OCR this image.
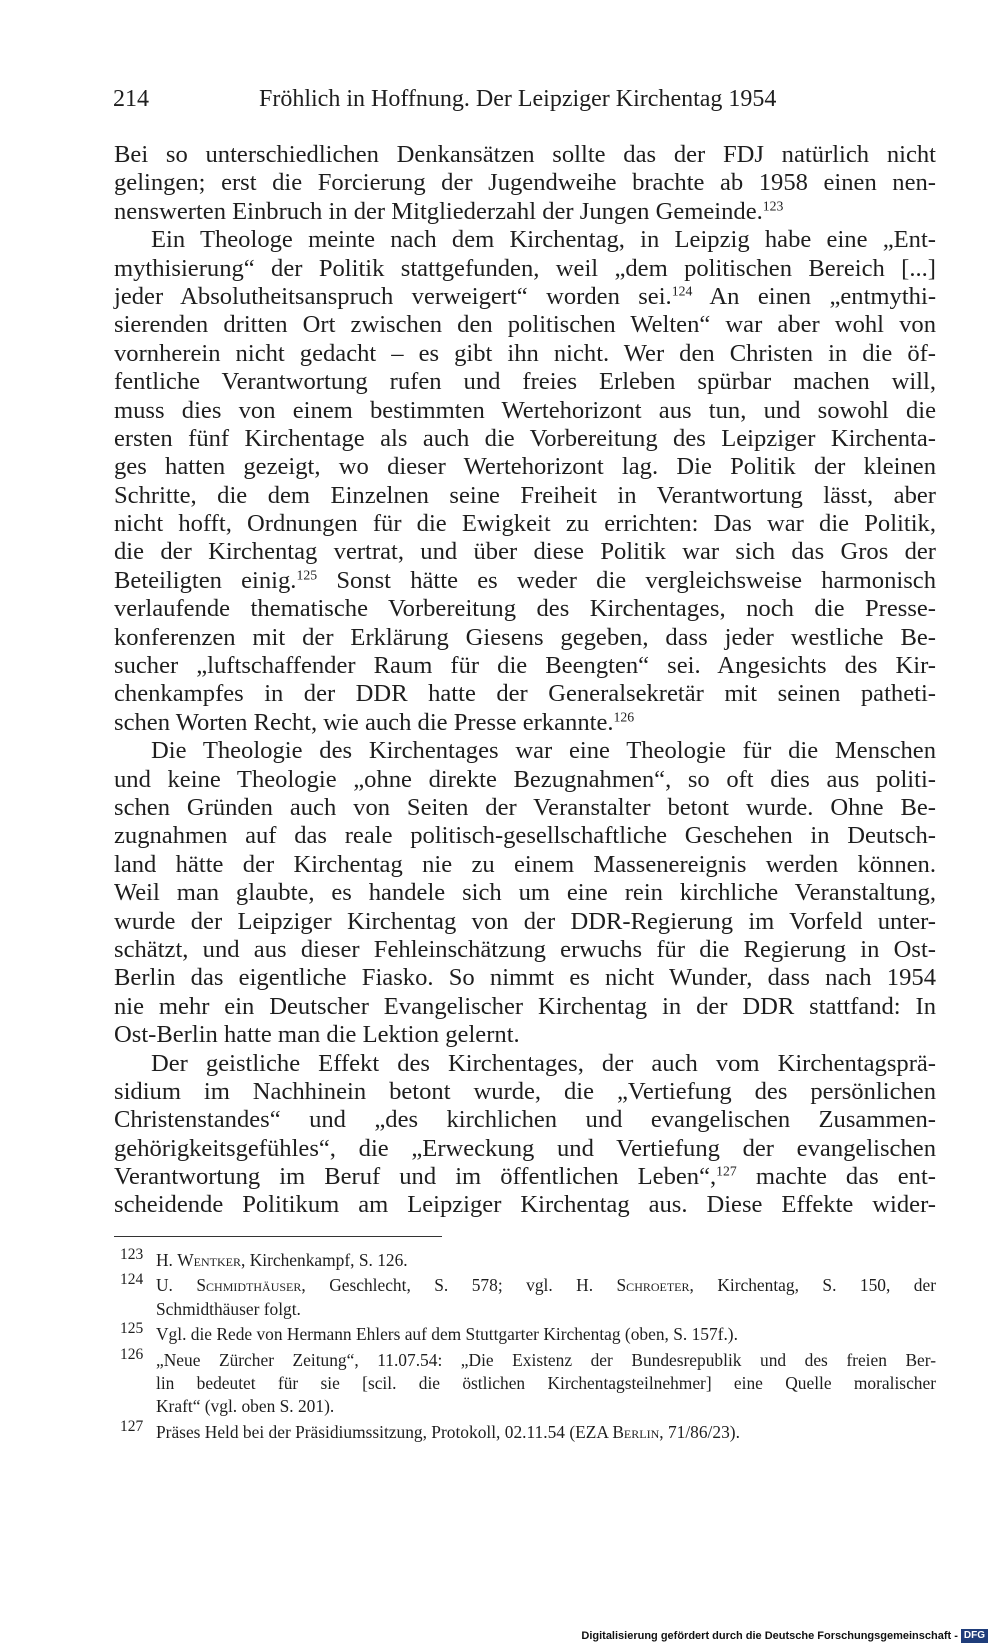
214	Fröhlich in Hoffnung. Der Leipziger Kirchentag 1954
Bei so unterschiedlichen Denkansätzen sollte das der FDJ natürlich nicht
gelingen; erst die Forcierung der Jugendweihe brachte ab 1958 einen nen-
nenswerten Einbruch in der Mitgliederzahl der Jungen Gemeinde.$^{123}$
Ein Theologe meinte nach dem Kirchentag, in Leipzig habe eine „Ent-
mythisierung“ der Politik stattgefunden, weil „dem politischen Bereich [...]
jeder Absolutheitsanspruch verweigert“ worden sei.$^{124}$ An einen „entmythi-
sierenden dritten Ort zwischen den politischen Welten“ war aber wohl von
vornherein nicht gedacht – es gibt ihn nicht. Wer den Christen in die öf-
fentliche Verantwortung rufen und freies Erleben spürbar machen will,
muss dies von einem bestimmten Wertehorizont aus tun, und sowohl die
ersten fünf Kirchentage als auch die Vorbereitung des Leipziger Kirchenta-
ges hatten gezeigt, wo dieser Wertehorizont lag. Die Politik der kleinen
Schritte, die dem Einzelnen seine Freiheit in Verantwortung lässt, aber
nicht hofft, Ordnungen für die Ewigkeit zu errichten: Das war die Politik,
die der Kirchentag vertrat, und über diese Politik war sich das Gros der
Beteiligten einig.$^{125}$ Sonst hätte es weder die vergleichsweise harmonisch
verlaufende thematische Vorbereitung des Kirchentages, noch die Presse-
konferenzen mit der Erklärung Giesens gegeben, dass jeder westliche Be-
sucher „luftschaffender Raum für die Beengten“ sei. Angesichts des Kir-
chenkampfes in der DDR hatte der Generalsekretär mit seinen patheti-
schen Worten Recht, wie auch die Presse erkannte.$^{126}$
Die Theologie des Kirchentages war eine Theologie für die Menschen
und keine Theologie „ohne direkte Bezugnahmen“, so oft dies aus politi-
schen Gründen auch von Seiten der Veranstalter betont wurde. Ohne Be-
zugnahmen auf das reale politisch-gesellschaftliche Geschehen in Deutsch-
land hätte der Kirchentag nie zu einem Massenereignis werden können.
Weil man glaubte, es handele sich um eine rein kirchliche Veranstaltung,
wurde der Leipziger Kirchentag von der DDR-Regierung im Vorfeld unter-
schätzt, und aus dieser Fehleinschätzung erwuchs für die Regierung in Ost-
Berlin das eigentliche Fiasko. So nimmt es nicht Wunder, dass nach 1954
nie mehr ein Deutscher Evangelischer Kirchentag in der DDR stattfand: In
Ost-Berlin hatte man die Lektion gelernt.
Der geistliche Effekt des Kirchentages, der auch vom Kirchentagsprä-
sidium im Nachhinein betont wurde, die „Vertiefung des persönlichen
Christenstandes“ und „des kirchlichen und evangelischen Zusammen-
gehörigkeitsgefühles“, die „Erweckung und Vertiefung der evangelischen
Verantwortung im Beruf und im öffentlichen Leben“,$^{127}$ machte das ent-
scheidende Politikum am Leipziger Kirchentag aus. Diese Effekte wider-
123 H. Wentker, Kirchenkampf, S. 126.
124 U. Schmidthäuser, Geschlecht, S. 578; vgl. H. Schroeter, Kirchentag, S. 150, der
Schmidthäuser folgt.
125 Vgl. die Rede von Hermann Ehlers auf dem Stuttgarter Kirchentag (oben, S. 157f.).
126 „Neue Zürcher Zeitung“, 11.07.54: „Die Existenz der Bundesrepublik und des freien Ber-
lin bedeutet für sie [scil. die östlichen Kirchentagsteilnehmer] eine Quelle moralischer
Kraft“ (vgl. oben S. 201).
127 Präses Held bei der Präsidiumssitzung, Protokoll, 02.11.54 (EZA Berlin, 71/86/23).
Digitalisierung gefördert durch die Deutsche Forschungsgemeinschaft - DFG
